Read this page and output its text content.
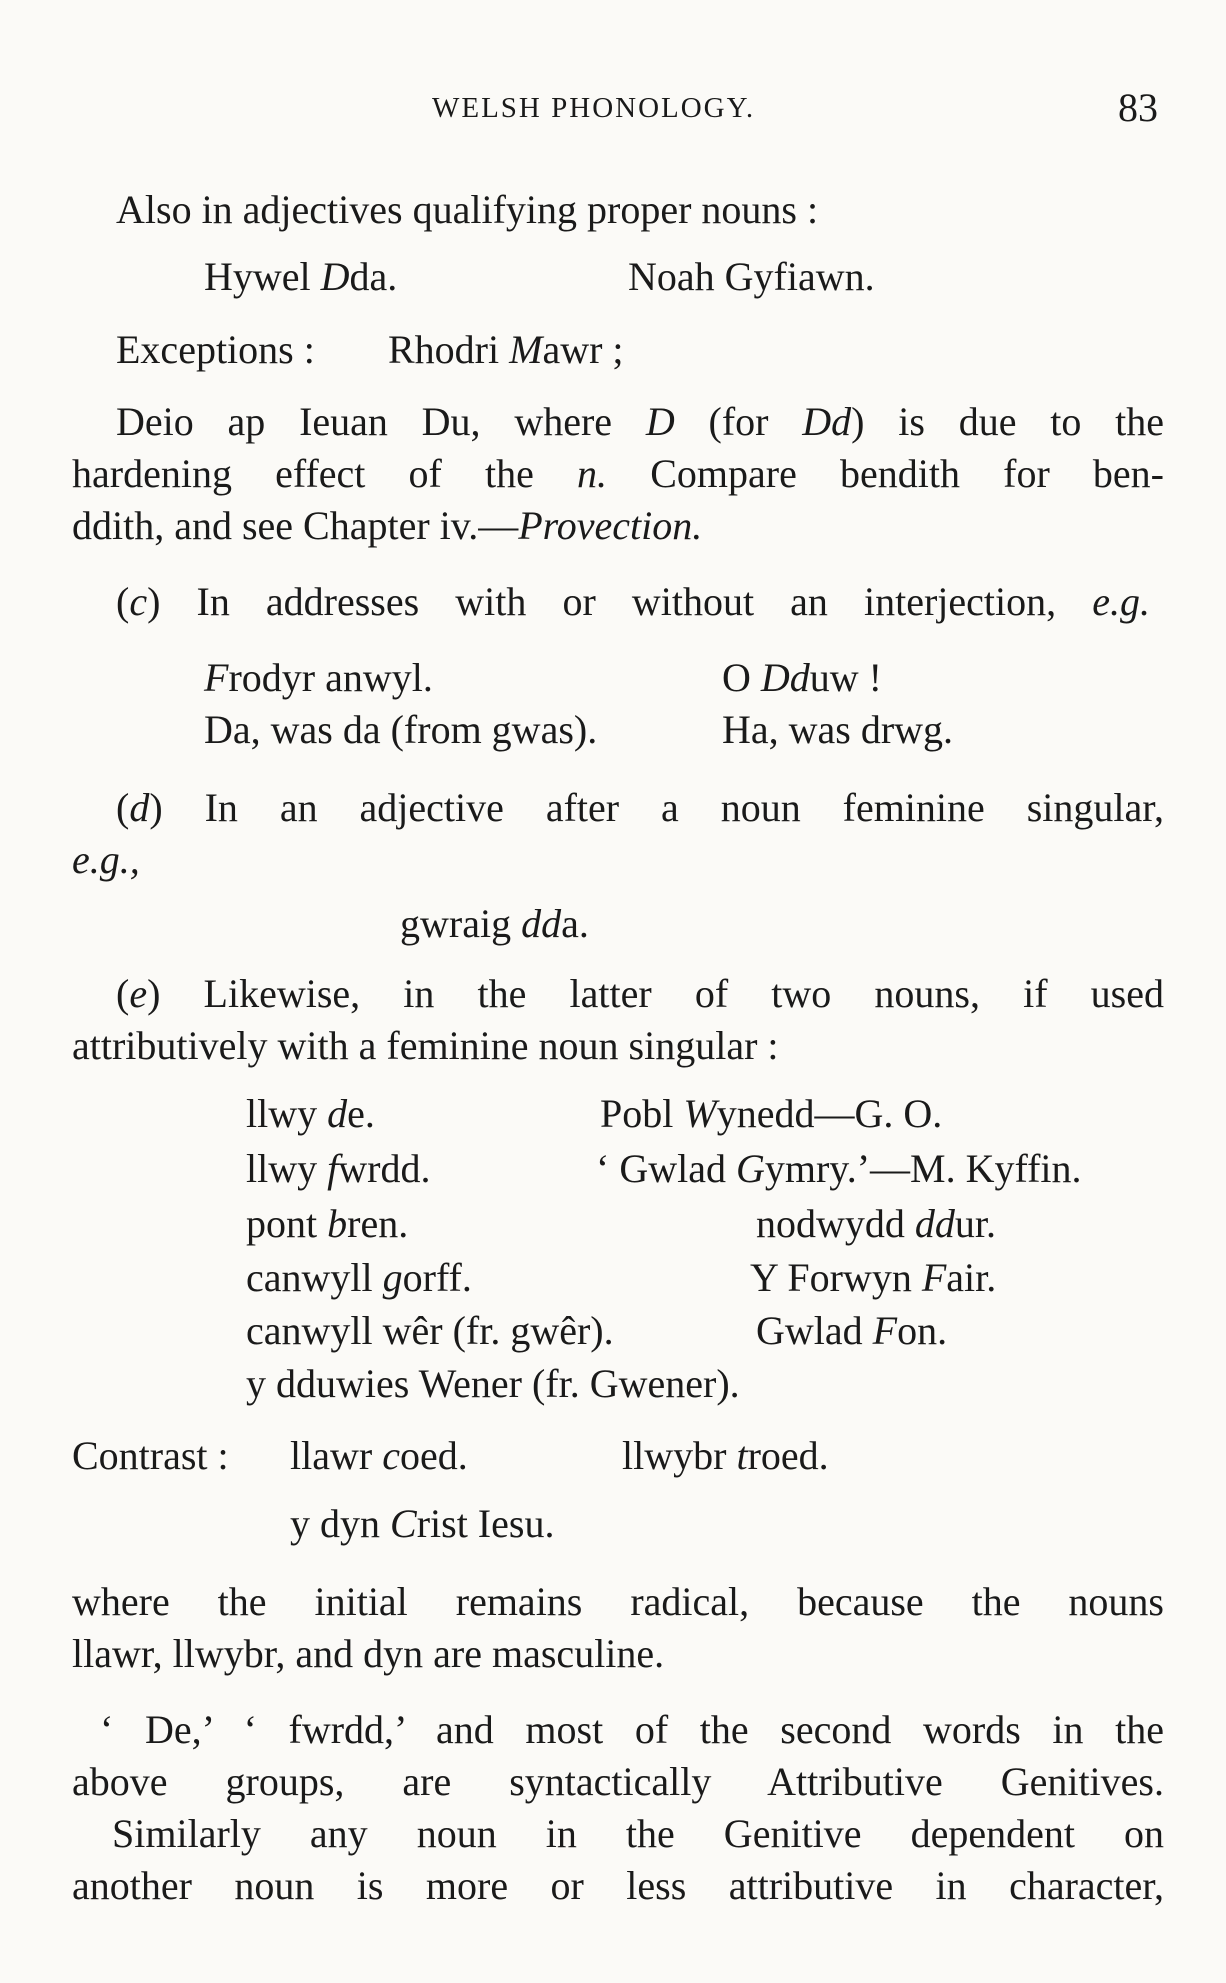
WELSH PHONOLOGY.	83
Also in adjectives qualifying proper nouns :
Hywel Dda.	Noah Gyfiawn.
Exceptions : Rhodri Mawr ;
Deio ap Ieuan Du, where D (for Dd) is due to the
hardening effect of the n. Compare bendith for ben-
ddith, and see Chapter iv.—Provection.
(c) In addresses with or without an interjection, e.g.
Frodyr anwyl.	O Dduw !
Da, was da (from gwas).	Ha, was drwg.
(d) In an adjective after a noun feminine singular,
e.g.,
gwraig dda.
(e) Likewise, in the latter of two nouns, if used
attributively with a feminine noun singular :
llwy de.	Pobl Wynedd—G. O.
llwy fwrdd.	‘ Gwlad Gymry.’—M. Kyffin.
pont bren.	nodwydd ddur.
canwyll gorff.	Y Forwyn Fair.
canwyll wêr (fr. gwêr).	Gwlad Fon.
y dduwies Wener (fr. Gwener).
Contrast : llawr coed.	llwybr troed.
y dyn Crist Iesu.
where the initial remains radical, because the nouns
llawr, llwybr, and dyn are masculine.
‘ De,’ ‘ fwrdd,’ and most of the second words in the
above groups, are syntactically Attributive Genitives.
Similarly any noun in the Genitive dependent on
another noun is more or less attributive in character,
